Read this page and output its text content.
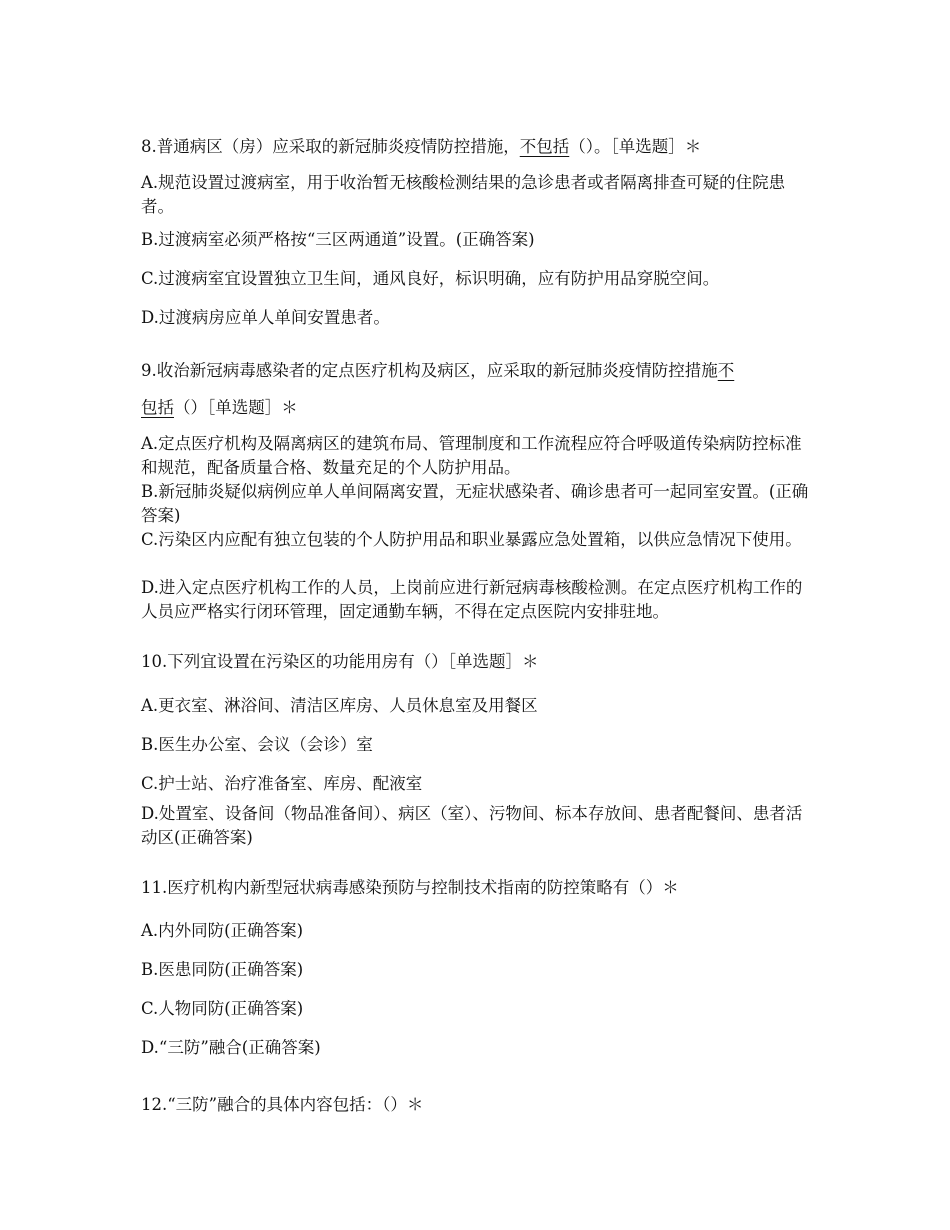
8.普通病区（房）应采取的新冠肺炎疫情防控措施，不包括（）。［单选题］＊
A.规范设置过渡病室，用于收治暂无核酸检测结果的急诊患者或者隔离排查可疑的住院患者。
B.过渡病室必须严格按“三区两通道”设置。(正确答案)
C.过渡病室宜设置独立卫生间，通风良好，标识明确，应有防护用品穿脱空间。
D.过渡病房应单人单间安置患者。
9.收治新冠病毒感染者的定点医疗机构及病区，应采取的新冠肺炎疫情防控措施不
包括（）［单选题］＊
A.定点医疗机构及隔离病区的建筑布局、管理制度和工作流程应符合呼吸道传染病防控标准和规范，配备质量合格、数量充足的个人防护用品。
B.新冠肺炎疑似病例应单人单间隔离安置，无症状感染者、确诊患者可一起同室安置。(正确答案)
C.污染区内应配有独立包装的个人防护用品和职业暴露应急处置箱，以供应急情况下使用。
D.进入定点医疗机构工作的人员，上岗前应进行新冠病毒核酸检测。在定点医疗机构工作的人员应严格实行闭环管理，固定通勤车辆，不得在定点医院内安排驻地。
10.下列宜设置在污染区的功能用房有（）［单选题］＊
A.更衣室、淋浴间、清洁区库房、人员休息室及用餐区
B.医生办公室、会议（会诊）室
C.护士站、治疗准备室、库房、配液室
D.处置室、设备间（物品准备间）、病区（室）、污物间、标本存放间、患者配餐间、患者活动区(正确答案)
11.医疗机构内新型冠状病毒感染预防与控制技术指南的防控策略有（）＊
A.内外同防(正确答案)
B.医患同防(正确答案)
C.人物同防(正确答案)
D.“三防”融合(正确答案)
12.“三防”融合的具体内容包括：（）＊
